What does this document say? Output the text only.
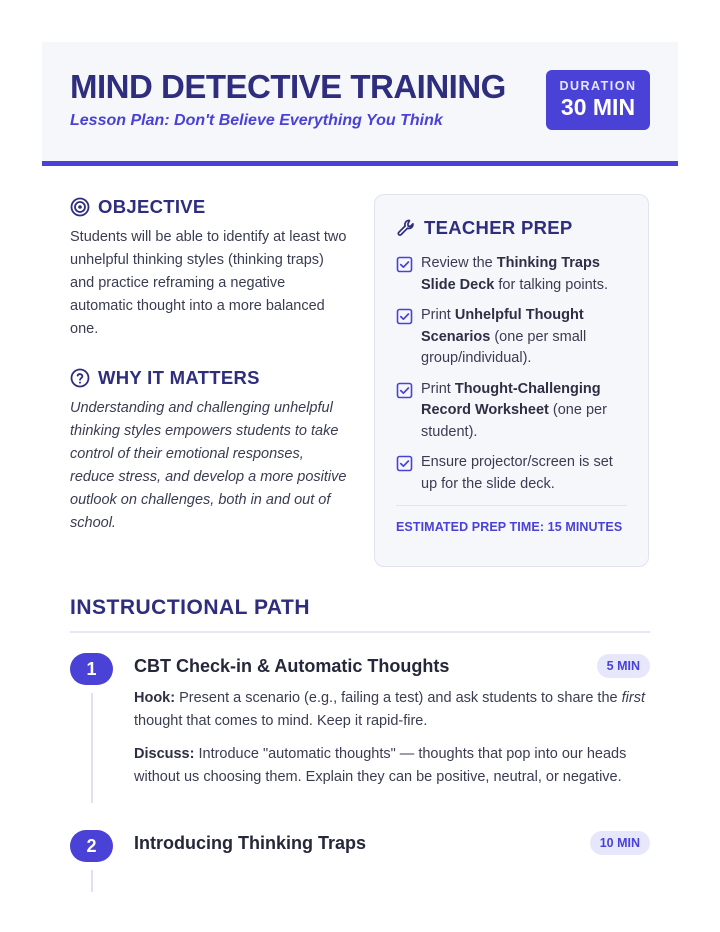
MIND DETECTIVE TRAINING
Lesson Plan: Don't Believe Everything You Think
DURATION
30 MIN
OBJECTIVE

Students will be able to identify at least two unhelpful thinking styles (thinking traps) and practice reframing a negative automatic thought into a more balanced one.

WHY IT MATTERS

Understanding and challenging unhelpful thinking styles empowers students to take control of their emotional responses, reduce stress, and develop a more positive outlook on challenges, both in and out of school.

TEACHER PREP
Review the Thinking Traps Slide Deck for talking points.
Print Unhelpful Thought Scenarios (one per small group/individual).
Print Thought-Challenging Record Worksheet (one per student).
Ensure projector/screen is set up for the slide deck.
ESTIMATED PREP TIME: 15 MINUTES
INSTRUCTIONAL PATH
1	CBT Check-in & Automatic Thoughts	5 MIN

Hook: Present a scenario (e.g., failing a test) and ask students to share the first thought that comes to mind. Keep it rapid-fire.

Discuss: Introduce "automatic thoughts" — thoughts that pop into our heads without us choosing them. Explain they can be positive, neutral, or negative.

2	Introducing Thinking Traps	10 MIN
